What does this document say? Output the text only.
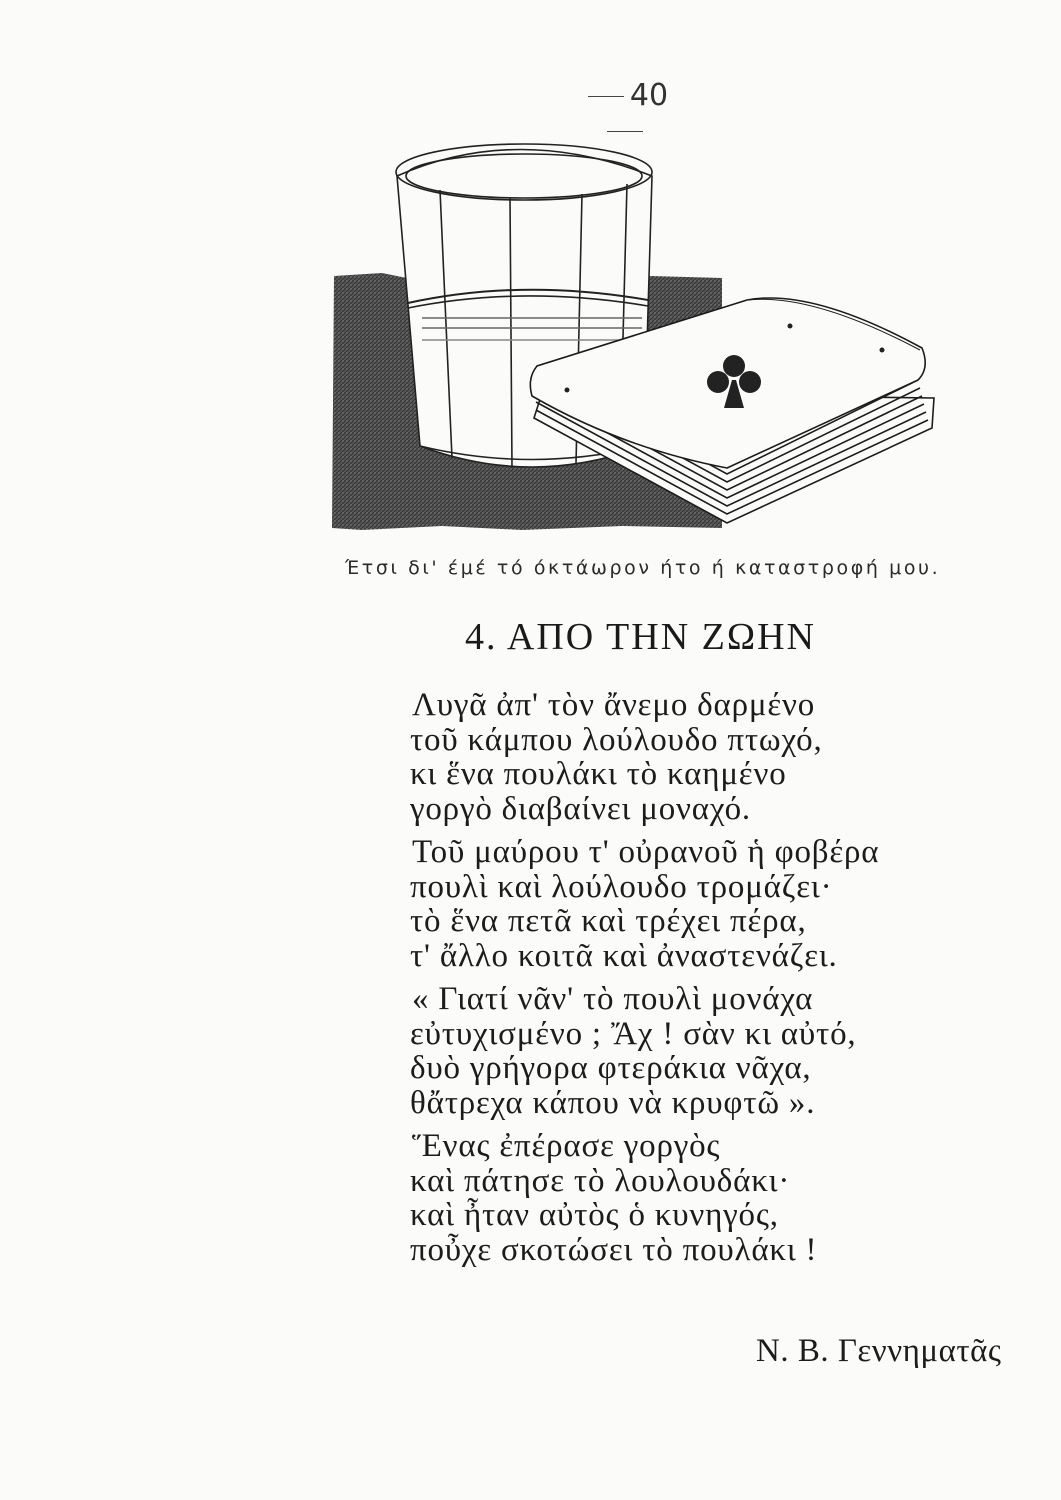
40
Έτσι δι' έμέ τό όκτάωρον ήτο ή καταστροφή μου.
4. ΑΠΟ ΤΗΝ ΖΩΗΝ
Λυγᾶ ἀπ' τὸν ἄνεμο δαρμένο
τοῦ κάμπου λούλουδο πτωχό,
κι ἕνα πουλάκι τὸ καημένο
γοργὸ διαβαίνει μοναχό.
Τοῦ μαύρου τ' οὐρανοῦ ἡ φοβέρα
πουλὶ καὶ λούλουδο τρομάζει·
τὸ ἕνα πετᾶ καὶ τρέχει πέρα,
τ' ἄλλο κοιτᾶ καὶ ἀναστενάζει.
« Γιατί νᾶν' τὸ πουλὶ μονάχα
εὐτυχισμένο ; Ἄχ ! σὰν κι αὐτό,
δυὸ γρήγορα φτεράκια νᾶχα,
θἄτρεχα κάπου νὰ κρυφτῶ ».
Ἕνας ἐπέρασε γοργὸς
καὶ πάτησε τὸ λουλουδάκι·
καὶ ἦταν αὐτὸς ὁ κυνηγός,
ποὖχε σκοτώσει τὸ πουλάκι !
Ν. Β. Γεννηματᾶς
